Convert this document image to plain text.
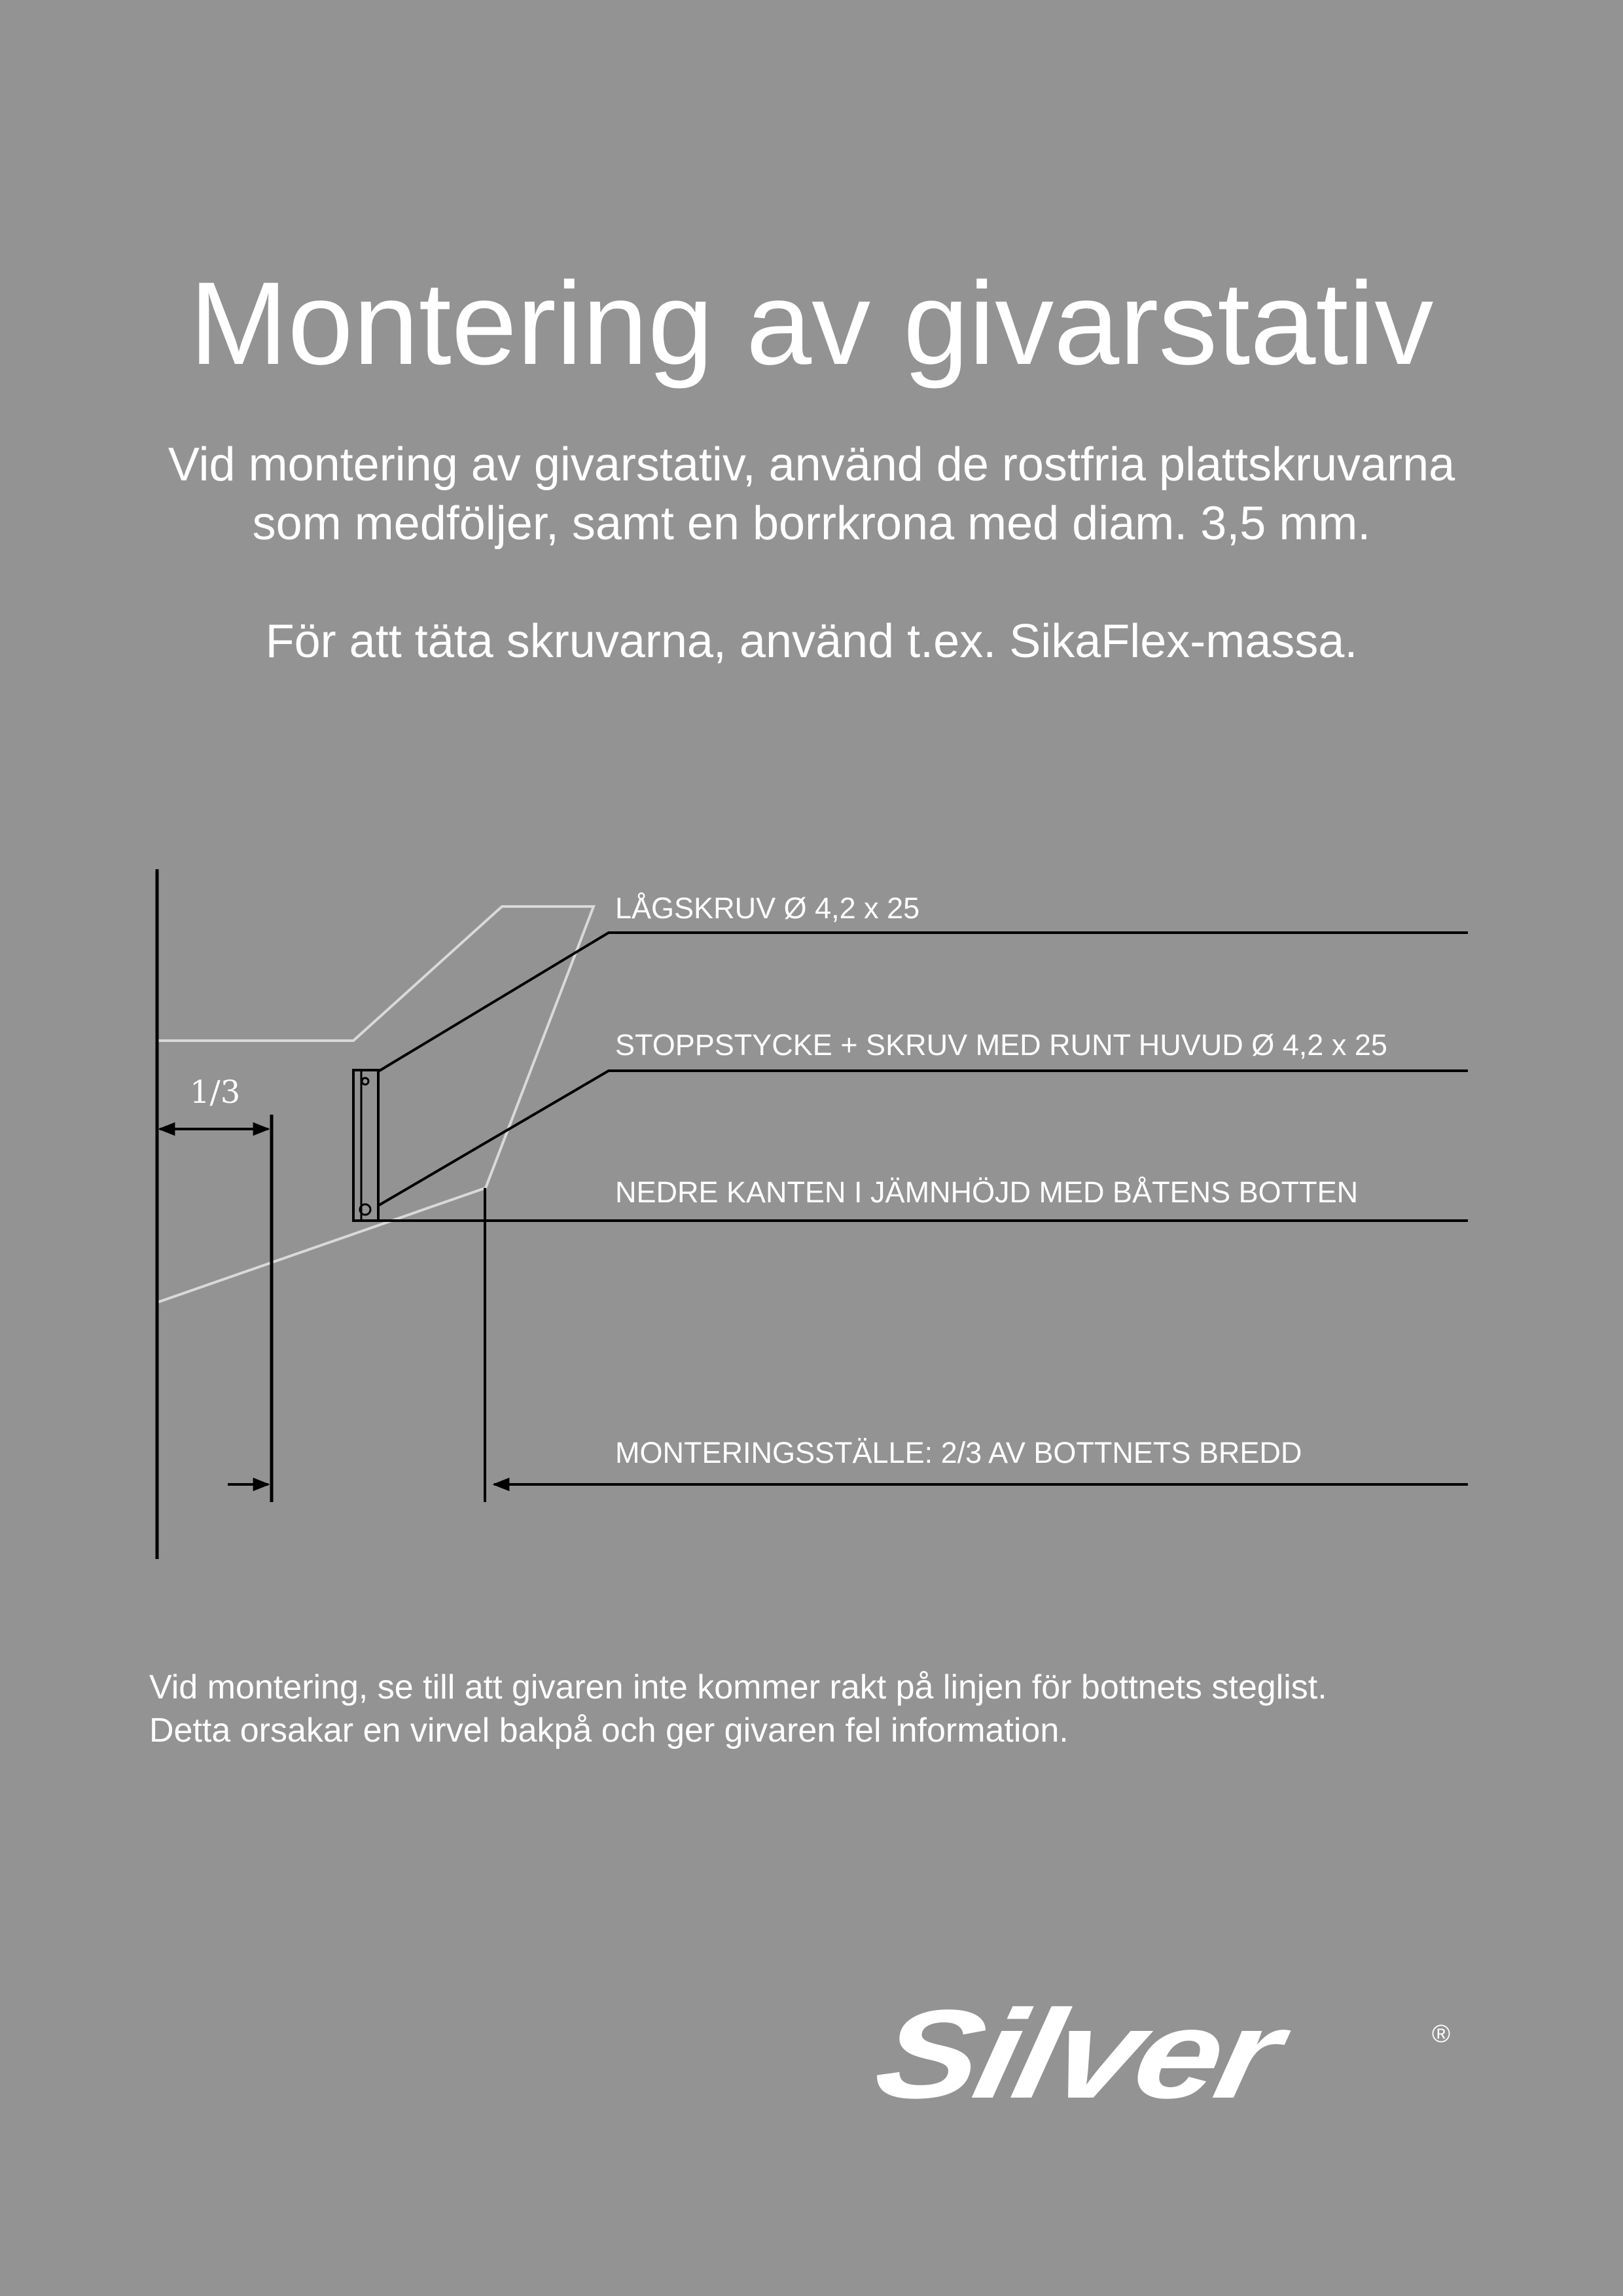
Montering av givarstativ

Vid montering av givarstativ, använd de rostfria plattskruvarna

som medföljer, samt en borrkrona med diam. 3,5 mm.

För att täta skruvarna, använd t.ex. SikaFlex-massa.

1/3
LÅGSKRUV Ø 4,2 x 25
STOPPSTYCKE + SKRUV MED RUNT HUVUD Ø 4,2 x 25
NEDRE KANTEN I JÄMNHÖJD MED BÅTENS BOTTEN
MONTERINGSSTÄLLE: 2/3 AV BOTTNETS BREDD

Vid montering, se till att givaren inte kommer rakt på linjen för bottnets steglist.

Detta orsakar en virvel bakpå och ger givaren fel information.

Silver	®
